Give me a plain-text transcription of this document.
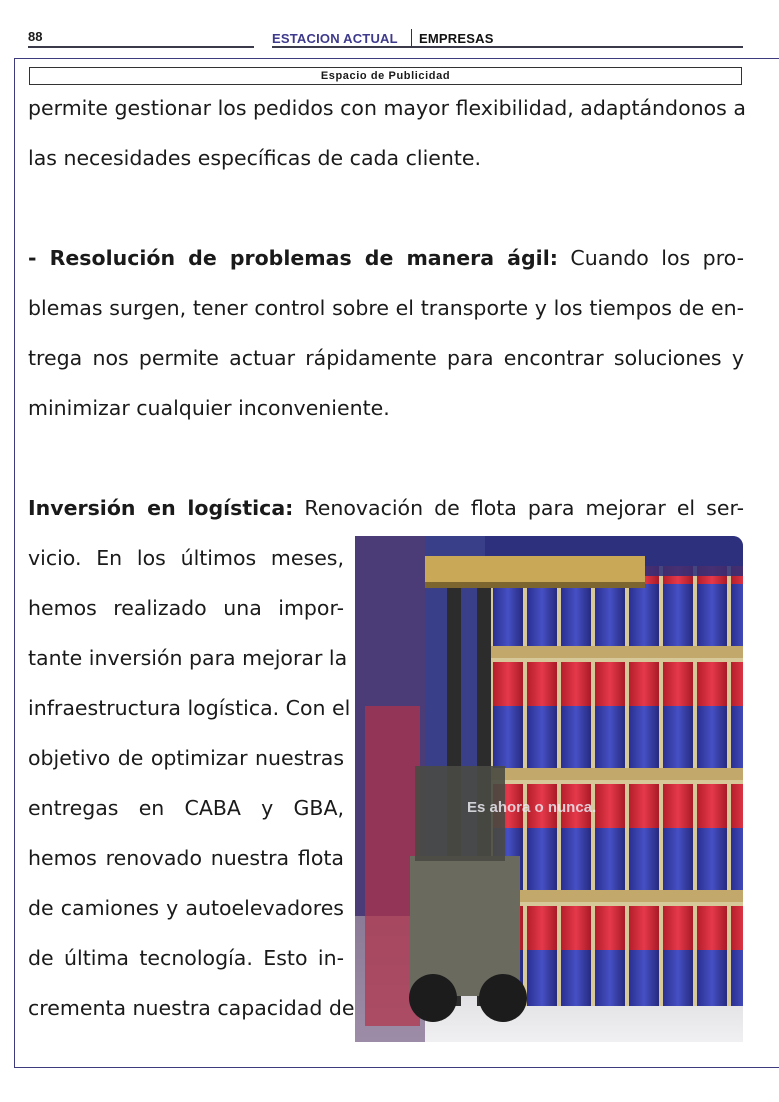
88	ESTACION ACTUAL EMPRESAS
Espacio de Publicidad
permite gestionar los pedidos con mayor flexibilidad, adaptándonos a
las necesidades específicas de cada cliente.
- Resolución de problemas de manera ágil: Cuando los pro-
blemas surgen, tener control sobre el transporte y los tiempos de en-
trega nos permite actuar rápidamente para encontrar soluciones y
minimizar cualquier inconveniente.
Inversión en logística: Renovación de flota para mejorar el ser-
vicio. En los últimos meses,
hemos realizado una impor-
tante inversión para mejorar la
infraestructura logística. Con el
objetivo de optimizar nuestras
entregas en CABA y GBA,
hemos renovado nuestra flota
de camiones y autoelevadores
de última tecnología. Esto in-
crementa nuestra capacidad de
Es ahora o nunca.
